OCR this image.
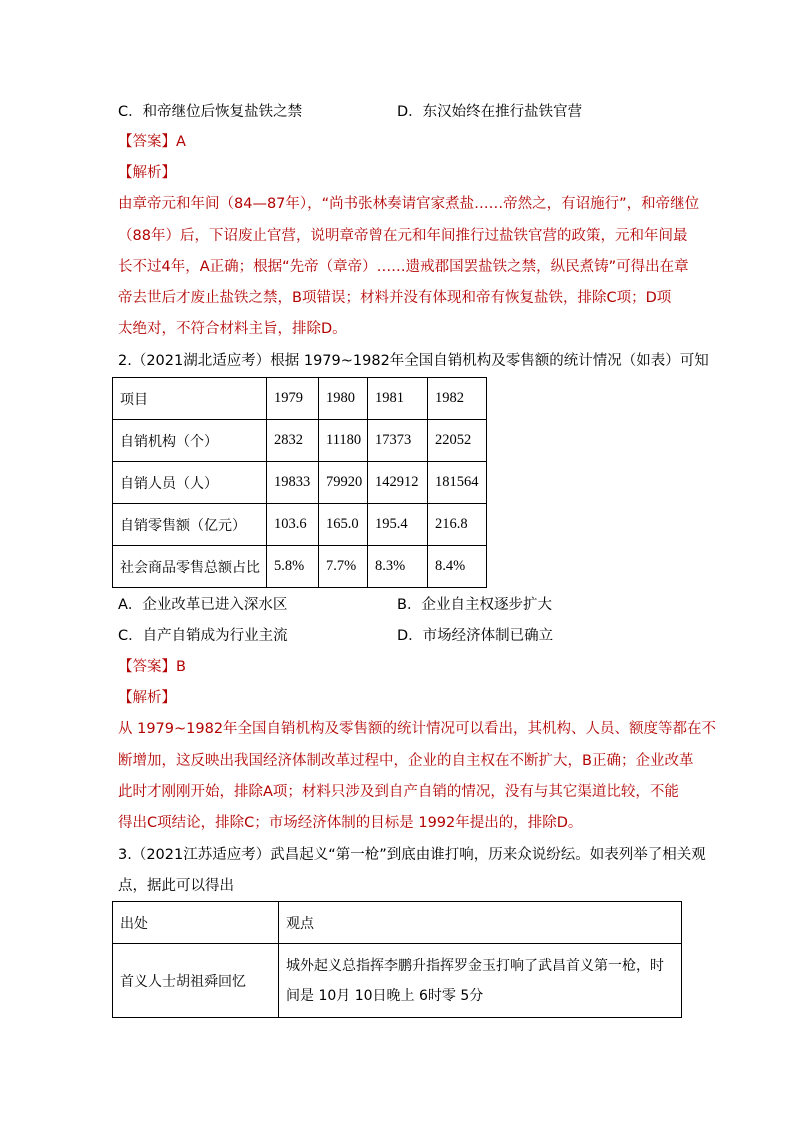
C．和帝继位后恢复盐铁之禁	D．东汉始终在推行盐铁官营
【答案】A
【解析】
由章帝元和年间（84—87年），“尚书张林奏请官家煮盐……帝然之，有诏施行”，和帝继位
（88年）后，下诏废止官营，说明章帝曾在元和年间推行过盐铁官营的政策，元和年间最
长不过4年，A正确；根据“先帝（章帝）……遗戒郡国罢盐铁之禁，纵民煮铸”可得出在章
帝去世后才废止盐铁之禁，B项错误；材料并没有体现和帝有恢复盐铁，排除C项；D项
太绝对，不符合材料主旨，排除D。
2.（2021湖北适应考）根据 1979~1982年全国自销机构及零售额的统计情况（如表）可知
项目	1979	1980	1981	1982
自销机构（个）	2832	11180	17373	22052
自销人员（人）	19833	79920	142912	181564
自销零售额（亿元）	103.6	165.0	195.4	216.8
社会商品零售总额占比	5.8%	7.7%	8.3%	8.4%
A．企业改革已进入深水区	B．企业自主权逐步扩大
C．自产自销成为行业主流	D．市场经济体制已确立
【答案】B
【解析】
从 1979~1982年全国自销机构及零售额的统计情况可以看出，其机构、人员、额度等都在不
断增加，这反映出我国经济体制改革过程中，企业的自主权在不断扩大，B正确；企业改革
此时才刚刚开始，排除A项；材料只涉及到自产自销的情况，没有与其它渠道比较，不能
得出C项结论，排除C；市场经济体制的目标是 1992年提出的，排除D。
3.（2021江苏适应考）武昌起义“第一枪”到底由谁打响，历来众说纷纭。如表列举了相关观
点，据此可以得出
出处	观点
首义人士胡祖舜回忆	城外起义总指挥李鹏升指挥罗金玉打响了武昌首义第一枪，时
间是 10月 10日晚上 6时零 5分
